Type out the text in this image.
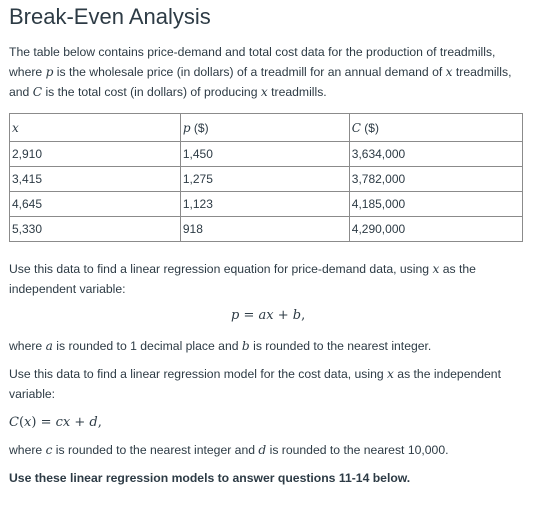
Break-Even Analysis
The table below contains price-demand and total cost data for the production of treadmills,
where p is the wholesale price (in dollars) of a treadmill for an annual demand of x treadmills,
and C is the total cost (in dollars) of producing x treadmills.
x	p ($)	C ($)
2,910	1,450	3,634,000
3,415	1,275	3,782,000
4,645	1,123	4,185,000
5,330	918	4,290,000
Use this data to find a linear regression equation for price-demand data, using x as the
independent variable:
p = ax + b,
where a is rounded to 1 decimal place and b is rounded to the nearest integer.
Use this data to find a linear regression model for the cost data, using x as the independent
variable:
C(x) = cx + d,
where c is rounded to the nearest integer and d is rounded to the nearest 10,000.
Use these linear regression models to answer questions 11-14 below.
